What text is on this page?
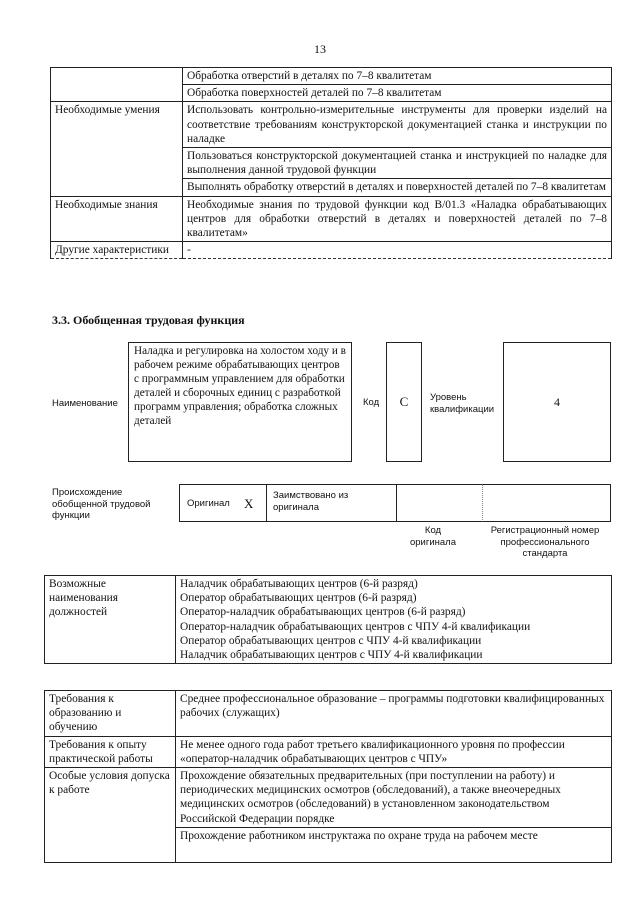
13
	Обработка отверстий в деталях по 7–8 квалитетам
	Обработка поверхностей деталей по 7–8 квалитетам
Необходимые умения	Использовать контрольно-измерительные инструменты для проверки изделий на соответствие требованиям конструкторской документацией станка и инструкции по наладке
	Пользоваться конструкторской документацией станка и инструкцией по наладке для выполнения данной трудовой функции
	Выполнять обработку отверстий в деталях и поверхностей деталей по 7–8 квалитетам
Необходимые знания	Необходимые знания по трудовой функции код B/01.3 «Наладка обрабатывающих центров для обработки отверстий в деталях и поверхностей деталей по 7–8 квалитетам»
Другие характеристики	-
3.3. Обобщенная трудовая функция
Наименование
Наладка и регулировка на холостом ходу и в рабочем режиме обрабатывающих центров с программным управлением для обработки деталей и сборочных единиц с разработкой программ управления; обработка сложных деталей
Код	С	Уровень квалификации
4
Происхождение обобщенной трудовой функции
Оригинал X
Заимствовано из оригинала
Код оригинала
Регистрационный номер профессионального стандарта
Возможные наименования должностей	
Наладчик обрабатывающих центров (6-й разряд)
Оператор обрабатывающих центров (6-й разряд)
Оператор-наладчик обрабатывающих центров (6-й разряд)
Оператор-наладчик обрабатывающих центров с ЧПУ 4-й квалификации
Оператор обрабатывающих центров с ЧПУ 4-й квалификации
Наладчик обрабатывающих центров с ЧПУ 4-й квалификации
Требования к образованию и обучению	Среднее профессиональное образование – программы подготовки квалифицированных рабочих (служащих)
Требования к опыту практической работы	Не менее одного года работ третьего квалификационного уровня по профессии «оператор-наладчик обрабатывающих центров с ЧПУ»
Особые условия допуска к работе	Прохождение обязательных предварительных (при поступлении на работу) и периодических медицинских осмотров (обследований), а также внеочередных медицинских осмотров (обследований) в установленном законодательством Российской Федерации порядке
	Прохождение работником инструктажа по охране труда на рабочем месте
